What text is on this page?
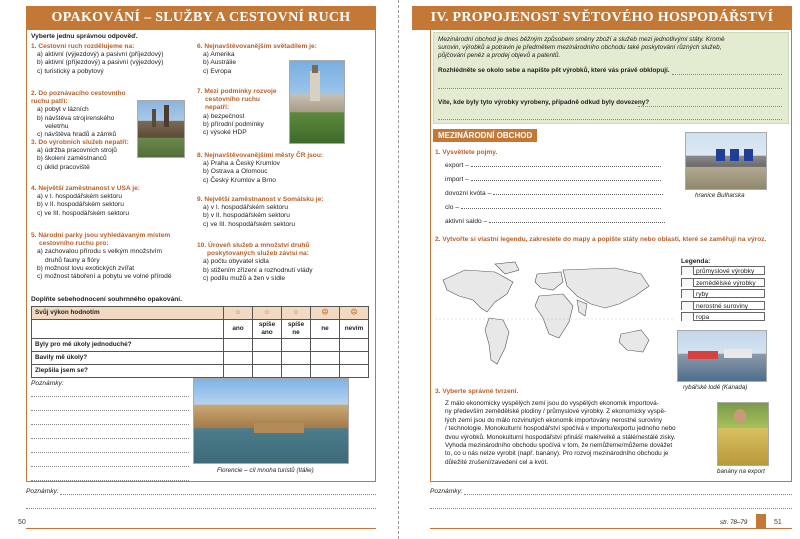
OPAKOVÁNÍ – SLUŽBY A CESTOVNÍ RUCH
Vyberte jednu správnou odpověď.
1. Cestovní ruch rozdělujeme na:
a) aktivní (výjezdový) a pasivní (příjezdový)
b) aktivní (příjezdový) a pasivní (výjezdový)
c) turistický a pobytový
2. Do poznávacího cestovního ruchu patří:
a) pobyt v lázních
b) návštěva strojírenského
veletrhu
c) návštěva hradů a zámků
3. Do výrobních služeb nepatří:
a) údržba pracovních strojů
b) školení zaměstnanců
c) úklid pracoviště
4. Největší zaměstnanost v USA je:
a) v I. hospodářském sektoru
b) v II. hospodářském sektoru
c) ve III. hospodářském sektoru
5. Národní parky jsou vyhledávaným místem
cestovního ruchu pro:
a) zachovalou přírodu s velkým množstvím
druhů fauny a flóry
b) možnost lovu exotických zvířat
c) možnost táboření a pobytu ve volné přírodě
6. Nejnavštěvovanějším světadílem je:
a) Amerika
b) Austrálie
c) Evropa
7. Mezi podmínky rozvoje
cestovního ruchu
nepatří:
a) bezpečnost
b) přírodní podmínky
c) výsoké HDP
8. Nejnavštěvovanějšími městy ČR jsou:
a) Praha a Český Krumlov
b) Ostrava a Olomouc
c) Český Krumlov a Brno
9. Největší zaměstnanost v Somálsku je:
a) v I. hospodářském sektoru
b) v II. hospodářském sektoru
c) ve III. hospodářském sektoru
10. Úroveň služeb a množství druhů
poskytovaných služeb závisí na:
a) počtu obyvatel sídla
b) stižením zřízení a rozhodnutí vlády
c) podílu mužů a žen v sídle
Doplňte sebehodnocení souhrnného opakování.
Svůj výkon hodnotím	☺	☺	☺	☹	☹
	ano	spíše ano	spíše ne	ne	nevím
Byly pro mě úkoly jednoduché?					
Bavily mě úkoly?					
Zlepšila jsem se?					
Poznámky:
Florencie – cíl mnoha turistů (Itálie)
Poznámky:
50
IV. PROPOJENOST SVĚTOVÉHO HOSPODÁŘSTVÍ
Mezinárodní obchod je dnes běžným způsobem směny zboží a služeb mezi jednotlivými státy. Kromě
surovin, výrobků a potravin je předmětem mezinárodního obchodu také poskytování různých služeb,
půjčování peněz a prodej objevů a patentů.
Rozhlédněte se okolo sebe a napište pět výrobků, které vás právě obklopují.
Víte, kde byly tyto výrobky vyrobeny, případně odkud byly dovezeny?
MEZINÁRODNÍ OBCHOD
1. Vysvětlete pojmy.
export –
import –
dovozní kvóta –
clo –
aktivní saldo –
hranice Bulharska
2. Vytvořte si vlastní legendu, zakreslete do mapy a popište státy nebo oblasti, které se zaměřují na výroz.
Legenda:
průmyslové výrobky
zemědělské výrobky
ryby
nerostné suroviny
ropa
rybářské lodě (Kanada)
3. Vyberte správné tvrzení.
Z málo ekonomicky vyspělých zemí jsou do vyspělých ekonomik importová-
ny především zemědělské plodiny / průmyslové výrobky. Z ekonomicky vyspě-
lých zemí jsou do málo rozvinutých ekonomik importovány nerostné suroviny
/ technologie. Monokulturní hospodářství spočívá v importu/exportu jednoho nebo
dvou výrobků. Monokulturní hospodářství přináší malé/velké a stálé/nestálé zisky.
Vyhoda mezinárodního obchodu spočívá v tom, že nemůžeme/můžeme dovážet
to, co u nás nelze vyrobit (např. banány). Pro rozvoj mezinárodního obchodu je
důležité zrušení/zavedení cel a kvót.
banány na export
Poznámky:
str. 78–79	51
